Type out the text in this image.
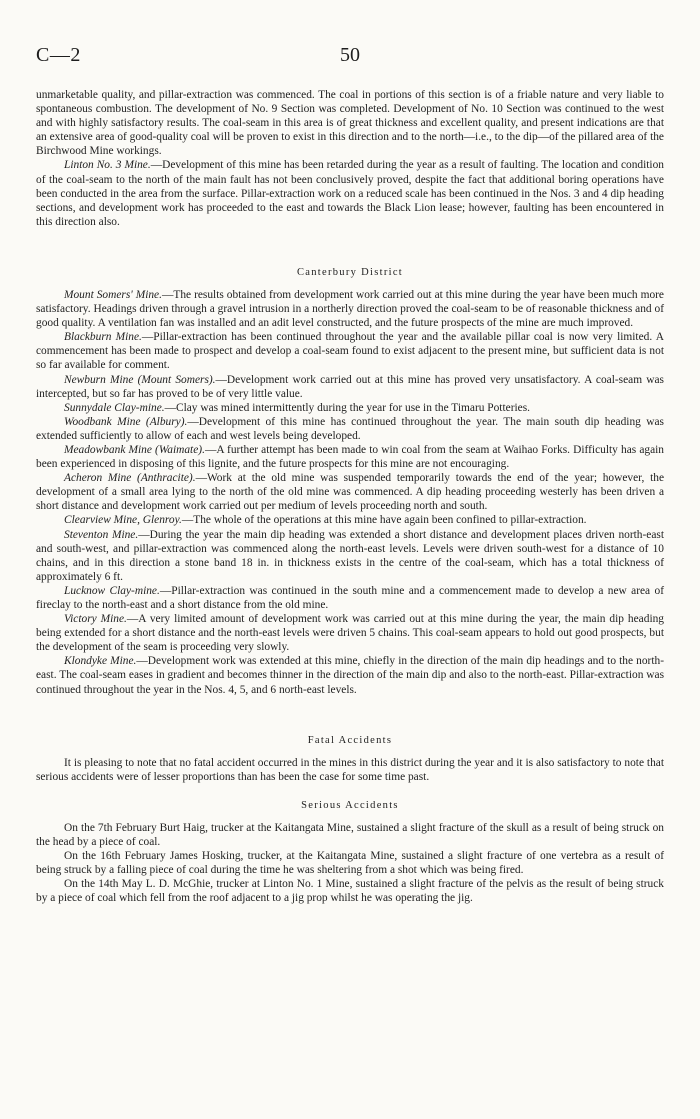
C—2	50

unmarketable quality, and pillar-extraction was commenced. The coal in portions of this section is of a friable nature and very liable to spontaneous combustion. The development of No. 9 Section was completed. Development of No. 10 Section was continued to the west and with highly satisfactory results. The coal-seam in this area is of great thickness and excellent quality, and present indications are that an extensive area of good-quality coal will be proven to exist in this direction and to the north—i.e., to the dip—of the pillared area of the Birchwood Mine workings.

Linton No. 3 Mine.—Development of this mine has been retarded during the year as a result of faulting. The location and condition of the coal-seam to the north of the main fault has not been conclusively proved, despite the fact that additional boring operations have been conducted in the area from the surface. Pillar-extraction work on a reduced scale has been continued in the Nos. 3 and 4 dip heading sections, and development work has proceeded to the east and towards the Black Lion lease; however, faulting has been encountered in this direction also.

Canterbury District

Mount Somers' Mine.—The results obtained from development work carried out at this mine during the year have been much more satisfactory. Headings driven through a gravel intrusion in a northerly direction proved the coal-seam to be of reasonable thickness and of good quality. A ventilation fan was installed and an adit level constructed, and the future prospects of the mine are much improved.

Blackburn Mine.—Pillar-extraction has been continued throughout the year and the available pillar coal is now very limited. A commencement has been made to prospect and develop a coal-seam found to exist adjacent to the present mine, but sufficient data is not so far available for comment.

Newburn Mine (Mount Somers).—Development work carried out at this mine has proved very unsatisfactory. A coal-seam was intercepted, but so far has proved to be of very little value.

Sunnydale Clay-mine.—Clay was mined intermittently during the year for use in the Timaru Potteries.

Woodbank Mine (Albury).—Development of this mine has continued throughout the year. The main south dip heading was extended sufficiently to allow of each and west levels being developed.

Meadowbank Mine (Waimate).—A further attempt has been made to win coal from the seam at Waihao Forks. Difficulty has again been experienced in disposing of this lignite, and the future prospects for this mine are not encouraging.

Acheron Mine (Anthracite).—Work at the old mine was suspended temporarily towards the end of the year; however, the development of a small area lying to the north of the old mine was commenced. A dip heading proceeding westerly has been driven a short distance and development work carried out per medium of levels proceeding north and south.

Clearview Mine, Glenroy.—The whole of the operations at this mine have again been confined to pillar-extraction.

Steventon Mine.—During the year the main dip heading was extended a short distance and development places driven north-east and south-west, and pillar-extraction was commenced along the north-east levels. Levels were driven south-west for a distance of 10 chains, and in this direction a stone band 18 in. in thickness exists in the centre of the coal-seam, which has a total thickness of approximately 6 ft.

Lucknow Clay-mine.—Pillar-extraction was continued in the south mine and a commencement made to develop a new area of fireclay to the north-east and a short distance from the old mine.

Victory Mine.—A very limited amount of development work was carried out at this mine during the year, the main dip heading being extended for a short distance and the north-east levels were driven 5 chains. This coal-seam appears to hold out good prospects, but the development of the seam is proceeding very slowly.

Klondyke Mine.—Development work was extended at this mine, chiefly in the direction of the main dip headings and to the north-east. The coal-seam eases in gradient and becomes thinner in the direction of the main dip and also to the north-east. Pillar-extraction was continued throughout the year in the Nos. 4, 5, and 6 north-east levels.

Fatal Accidents

It is pleasing to note that no fatal accident occurred in the mines in this district during the year and it is also satisfactory to note that serious accidents were of lesser proportions than has been the case for some time past.

Serious Accidents

On the 7th February Burt Haig, trucker at the Kaitangata Mine, sustained a slight fracture of the skull as a result of being struck on the head by a piece of coal.

On the 16th February James Hosking, trucker, at the Kaitangata Mine, sustained a slight fracture of one vertebra as a result of being struck by a falling piece of coal during the time he was sheltering from a shot which was being fired.

On the 14th May L. D. McGhie, trucker at Linton No. 1 Mine, sustained a slight fracture of the pelvis as the result of being struck by a piece of coal which fell from the roof adjacent to a jig prop whilst he was operating the jig.
